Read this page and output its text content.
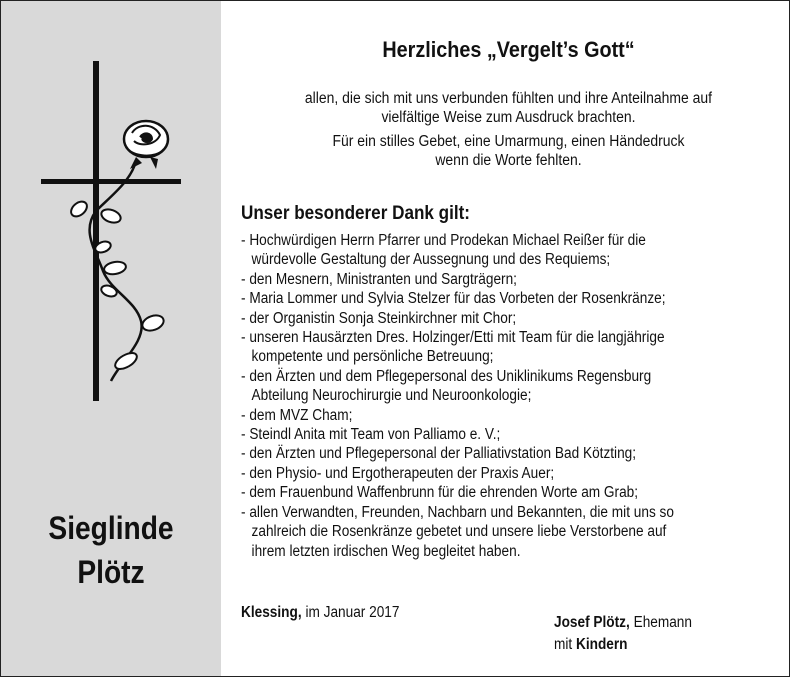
Sieglinde
Plötz
Herzliches „Vergelt’s Gott“
allen, die sich mit uns verbunden fühlten und ihre Anteilnahme auf
vielfältige Weise zum Ausdruck brachten.
Für ein stilles Gebet, eine Umarmung, einen Händedruck
wenn die Worte fehlten.
Unser besonderer Dank gilt:
- Hochwürdigen Herrn Pfarrer und Prodekan Michael Reißer für die
würdevolle Gestaltung der Aussegnung und des Requiems;
- den Mesnern, Ministranten und Sargträgern;
- Maria Lommer und Sylvia Stelzer für das Vorbeten der Rosenkränze;
- der Organistin Sonja Steinkirchner mit Chor;
- unseren Hausärzten Dres. Holzinger/Etti mit Team für die langjährige
kompetente und persönliche Betreuung;
- den Ärzten und dem Pflegepersonal des Uniklinikums Regensburg
Abteilung Neurochirurgie und Neuroonkologie;
- dem MVZ Cham;
- Steindl Anita mit Team von Palliamo e. V.;
- den Ärzten und Pflegepersonal der Palliativstation Bad Kötzting;
- den Physio- und Ergotherapeuten der Praxis Auer;
- dem Frauenbund Waffenbrunn für die ehrenden Worte am Grab;
- allen Verwandten, Freunden, Nachbarn und Bekannten, die mit uns so
zahlreich die Rosenkränze gebetet und unsere liebe Verstorbene auf
ihrem letzten irdischen Weg begleitet haben.
Klessing, im Januar 2017
Josef Plötz, Ehemann
mit Kindern
